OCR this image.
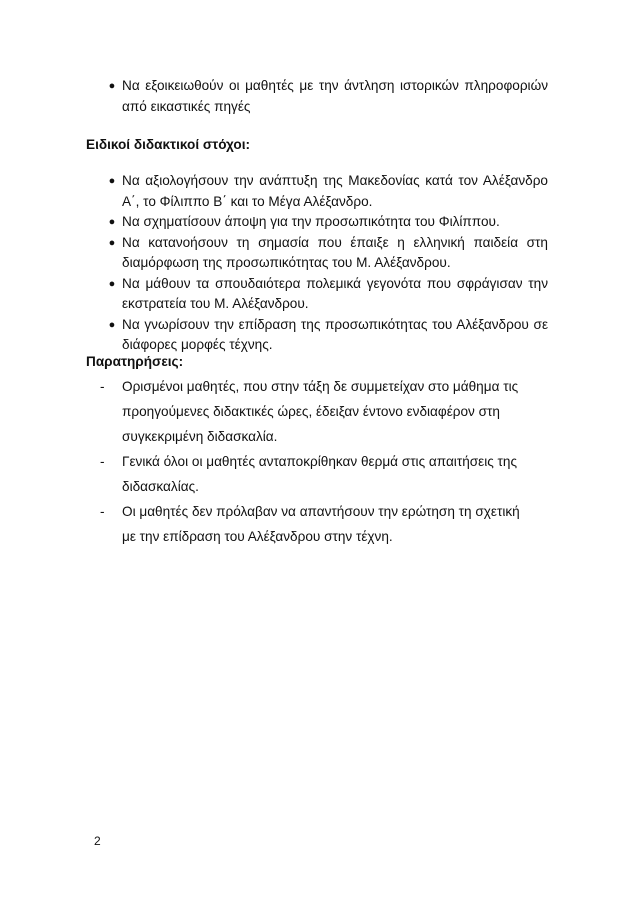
● Να εξοικειωθούν οι μαθητές με την άντληση ιστορικών πληροφοριών από εικαστικές πηγές

Ειδικοί διδακτικοί στόχοι:

● Να αξιολογήσουν την ανάπτυξη της Μακεδονίας κατά τον Αλέξανδρο Α΄, το Φίλιππο Β΄ και το Μέγα Αλέξανδρο.
● Να σχηματίσουν άποψη για την προσωπικότητα του Φιλίππου.
● Να κατανοήσουν τη σημασία που έπαιξε η ελληνική παιδεία στη διαμόρφωση της προσωπικότητας του Μ. Αλέξανδρου.
● Να μάθουν τα σπουδαιότερα πολεμικά γεγονότα που σφράγισαν την εκστρατεία του Μ. Αλέξανδρου.
● Να γνωρίσουν την επίδραση της προσωπικότητας του Αλέξανδρου σε διάφορες μορφές τέχνης.

Παρατηρήσεις:

- Ορισμένοι μαθητές, που στην τάξη δε συμμετείχαν στο μάθημα τις προηγούμενες διδακτικές ώρες, έδειξαν έντονο ενδιαφέρον στη συγκεκριμένη διδασκαλία.
- Γενικά όλοι οι μαθητές ανταποκρίθηκαν θερμά στις απαιτήσεις της διδασκαλίας.
- Οι μαθητές δεν πρόλαβαν να απαντήσουν την ερώτηση τη σχετική με την επίδραση του Αλέξανδρου στην τέχνη.
2
